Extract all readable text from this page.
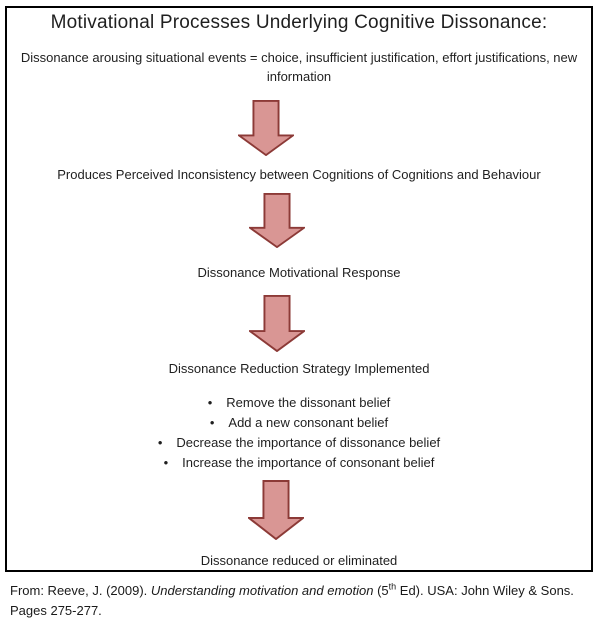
Motivational Processes Underlying Cognitive Dissonance:
Dissonance arousing situational events = choice, insufficient justification, effort justifications, new information
Produces Perceived Inconsistency between Cognitions of Cognitions and Behaviour
Dissonance Motivational Response
Dissonance Reduction Strategy Implemented
• Remove the dissonant belief
• Add a new consonant belief
• Decrease the importance of dissonance belief
• Increase the importance of consonant belief
Dissonance reduced or eliminated
From: Reeve, J. (2009). Understanding motivation and emotion (5th Ed). USA: John Wiley & Sons.
Pages 275-277.
